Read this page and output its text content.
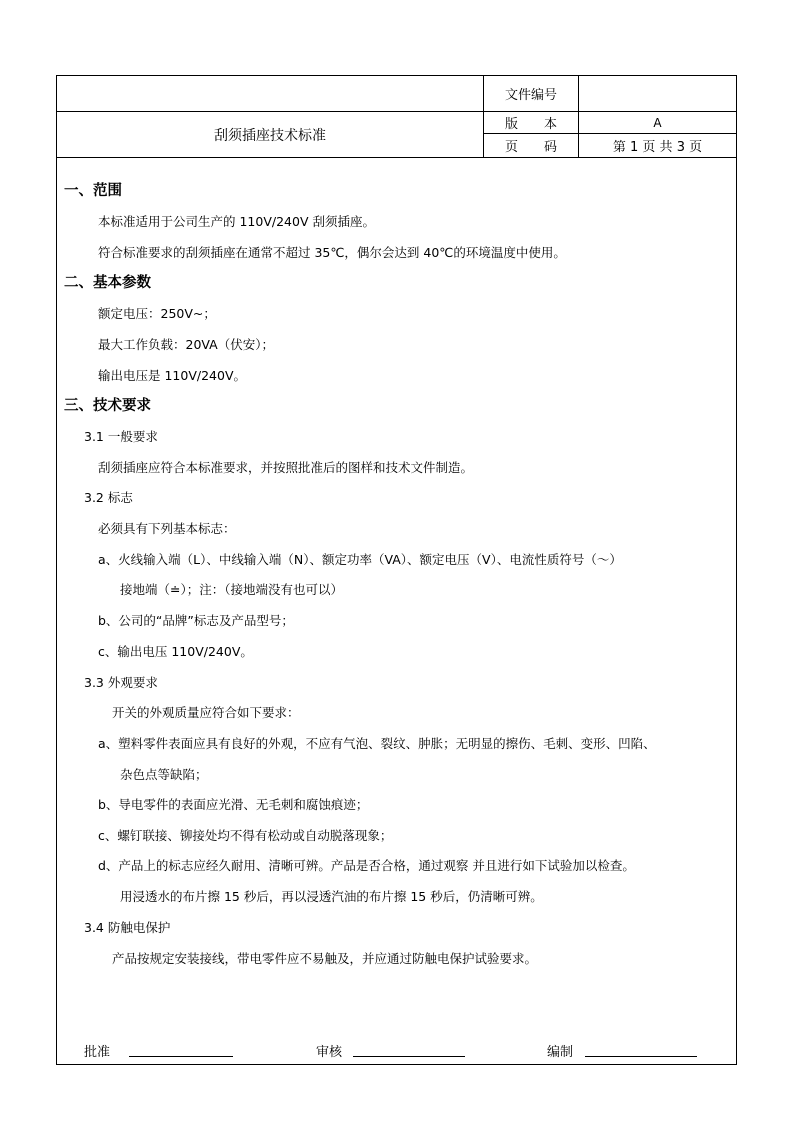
刮须插座技术标准
文件编号
版　　本	A
页　　码	第 1 页 共 3 页
一、范围
本标准适用于公司生产的 110V/240V 刮须插座。
符合标准要求的刮须插座在通常不超过 35℃，偶尔会达到 40℃的环境温度中使用。
二、基本参数
额定电压：250V~；
最大工作负载：20VA（伏安）；
输出电压是 110V/240V。
三、技术要求
3.1 一般要求
刮须插座应符合本标准要求，并按照批准后的图样和技术文件制造。
3.2 标志
必须具有下列基本标志：
a、火线输入端（L）、中线输入端（N）、额定功率（VA）、额定电压（V）、电流性质符号（～）
接地端（≐）；注：（接地端没有也可以）
b、公司的“品牌”标志及产品型号；
c、输出电压 110V/240V。
3.3 外观要求
开关的外观质量应符合如下要求：
a、塑料零件表面应具有良好的外观，不应有气泡、裂纹、肿胀；无明显的擦伤、毛刺、变形、凹陷、
杂色点等缺陷；
b、导电零件的表面应光滑、无毛刺和腐蚀痕迹；
c、螺钉联接、铆接处均不得有松动或自动脱落现象；
d、产品上的标志应经久耐用、清晰可辨。产品是否合格，通过观察 并且进行如下试验加以检查。
用浸透水的布片擦 15 秒后，再以浸透汽油的布片擦 15 秒后，仍清晰可辨。
3.4 防触电保护
产品按规定安装接线，带电零件应不易触及，并应通过防触电保护试验要求。
批准	审核	编制
